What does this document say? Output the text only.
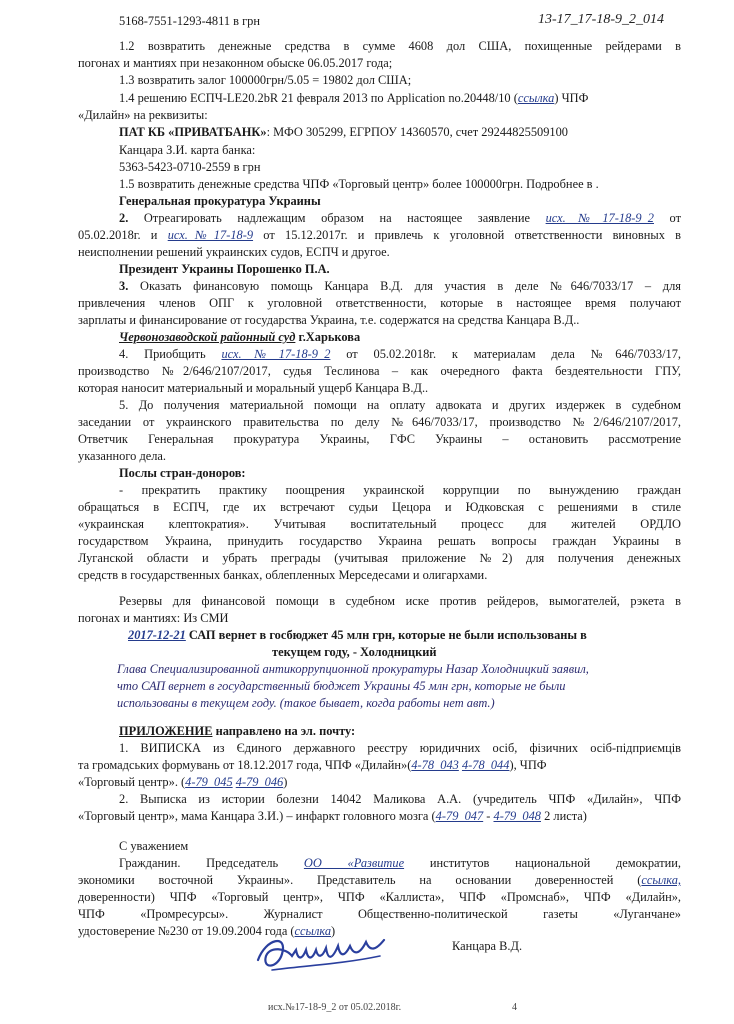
13-17_17-18-9_2_014
5168-7551-1293-4811 в грн
1.2 возвратить денежные средства в сумме 4608 дол США, похищенные рейдерами в
погонах и мантиях при незаконном обыске 06.05.2017 года;
1.3 возвратить залог 100000грн/5.05 = 19802 дол США;
1.4 решению ЕСПЧ-LE20.2bR 21 февраля 2013 по Application no.20448/10 (ссылка) ЧПФ
«Дилайн» на реквизиты:
ПАТ КБ «ПРИВАТБАНК»: МФО 305299, ЕГРПОУ 14360570, счет 29244825509100
Канцара З.И. карта банка:
5363-5423-0710-2559 в грн
1.5 возвратить денежные средства ЧПФ «Торговый центр» более 100000грн. Подробнее в .
Генеральная прокуратура Украины
2. Отреагировать надлежащим образом на настоящее заявление исх.№17-18-9_2 от
05.02.2018г. и исх.№17-18-9 от 15.12.2017г. и привлечь к уголовной ответственности виновных в
неисполнении решений украинских судов, ЕСПЧ и другое.
Президент Украины Порошенко П.А.
3. Оказать финансовую помощь Канцара В.Д. для участия в деле №646/7033/17 – для
привлечения членов ОПГ к уголовной ответственности, которые в настоящее время получают
зарплаты и финансирование от государства Украина, т.е. содержатся на средства Канцара В.Д..
Червонозаводской районный суд г.Харькова
4. Приобщить исх.№17-18-9_2 от 05.02.2018г. к материалам дела №646/7033/17,
производство №2/646/2107/2017, судья Теслинова – как очередного факта бездеятельности ГПУ,
которая наносит материальный и моральный ущерб Канцара В.Д..
5. До получения материальной помощи на оплату адвоката и других издержек в судебном
заседании от украинского правительства по делу №646/7033/17, производство №2/646/2107/2017,
Ответчик Генеральная прокуратура Украины, ГФС Украины – остановить рассмотрение
указанного дела.
Послы стран-доноров:
- прекратить практику поощрения украинской коррупции по вынуждению граждан
обращаться в ЕСПЧ, где их встречают судьи Цецора и Юдковская с решениями в стиле
«украинская клептократия». Учитывая воспитательный процесс для жителей ОРДЛО
государством Украина, принудить государство Украина решать вопросы граждан Украины в
Луганской области и убрать преграды (учитывая приложение №2) для получения денежных
средств в государственных банках, облепленных Мерседесами и олигархами.
Резервы для финансовой помощи в судебном иске против рейдеров, вымогателей, рэкета в
погонах и мантиях: Из СМИ
2017-12-21 САП вернет в госбюджет 45 млн грн, которые не были использованы в
текущем году, - Холодницкий
Глава Специализированной антикоррупционной прокуратуры Назар Холодницкий заявил,
что САП вернет в государственный бюджет Украины 45 млн грн, которые не были
использованы в текущем году. (такое бывает, когда работы нет авт.)
ПРИЛОЖЕНИЕ направлено на эл. почту:
1. ВИПИСКА из Єдиного державного реєстру юридичних осіб, фізичних осіб-підприємців
та громадських формувань от 18.12.2017 года, ЧПФ «Дилайн»(4-78_043 4-78_044), ЧПФ
«Торговый центр». (4-79_045 4-79_046)
2. Выписка из истории болезни 14042 Маликова А.А. (учредитель ЧПФ «Дилайн», ЧПФ
«Торговый центр», мама Канцара З.И.) – инфаркт головного мозга (4-79_047 - 4-79_048 2 листа)
С уважением
Гражданин. Председатель ОО «Развитие институтов национальной демократии,
экономики восточной Украины». Представитель на основании доверенностей (ссылка,
доверенности) ЧПФ «Торговый центр», ЧПФ «Каллиста», ЧПФ «Промснаб», ЧПФ «Дилайн»,
ЧПФ «Промресурсы». Журналист Общественно-политической газеты «Луганчане»
удостоверение №230 от 19.09.2004 года (ссылка)
Канцара В.Д.
исх.№17-18-9_2 от 05.02.2018г.	4
